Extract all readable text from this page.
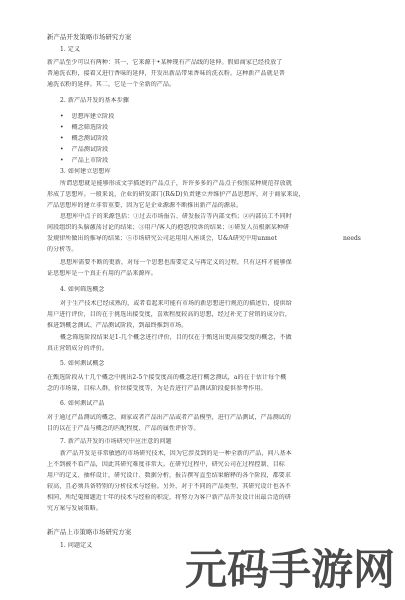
新产品开发策略市场研究方案
1. 定义
新产品至少可以有两种：其一，它来源于•某种现有产品线的延伸。假如商家已经投放了
普通洗衣粉，接着又进行香味的延伸，开发出新品带果香味的洗衣粉。这种新产品就是普
通洗衣粉的延伸。其二，它是一个全新的产品。
2. 新产品开发的基本步骤
•    思想库建立阶段
•    概念筛选阶段
•    概念测试阶段
•    产品测试阶段
•    产品上市阶段
3. 如何建立思想库
所谓思想就是能够形成文字描述的产品点子，许许多多的产品点子按照某种规范存放就
形成了思想库。一般来说，企业的研发部门(R&D)负责建立并维护产品思想库，对于商家来说，
产品思想库的建立非常重要，因为它是企业源源不断推出新产品的源泉。
思想库中点子的来源包括：①过去市场报告、研发报告等内部文档；②内部员工不同时
间段组织的头脑激荡讨论的结果；③用户/客人的抱怨/投诉的结果；④研发人员根据某种研
发规律所做出的推导的结果；⑤市场研究公司运用用入座谈会，U&A研究中用unmet	needs
的分析等。
思想库需要不断的更新，对每一个思想也需要定义与再定义的过程，只有这样才能够保
证思想库是一个真正有用的产品来源库。
4. 如何筛选概念
对于生产技术已经成熟的，或者看起来可能有市场的新思想进行规范的描述后，提供给
用户进行评价，目的在于挑选出接受度，喜欢程度较高的思想，经过补充了营销的成分后，
推进到概念测试、产品测试阶段，到最终推到市场。
概念筛选阶段结果是1-几个概念进行评价，目的仅在于甄选出更高接受度的概念，不做
真正营销成分的评价。
5. 如何测试概念
在甄选阶段从十几个概念中挑出2-5个接受度高的概念进行概念测试，a的在于估计每个概
念的市场量，目标人群，价位接受度等，为是否进行产品测试阶段提供参考作用。
6. 如何测试产品
对于通过产品测试的概念，商家或者产品出产品或者产品模型，进行产品测试，产品测试的
目的以在于产品与概念的匹配程度、产品的属性评价等。
7. 新产品开发的市场研究中应注意的问题
新产品开发是非常敏感的市场研究技术，因为它涉及到的是一种全新的产品，问八基本
上不到被不看产品，因此其研究难度非常大。在研究过程中，研究公司在过程控制、目标
用户的定义、抽样设计，研究设计、数据分析，报告撰写直至结果解释的各个阶段，都要求
较高，且必须具备特别的分析技术与经验。另外，对于不同的产品类型，其研究设计也各不
相同，所纪蒐图题近十年的技术与经验的积淀，将努力为客户新产品开发设计出最合适的研
究方案与发展策略。
新产品上市策略市场研究方案
1. 问题定义	元码手游网
